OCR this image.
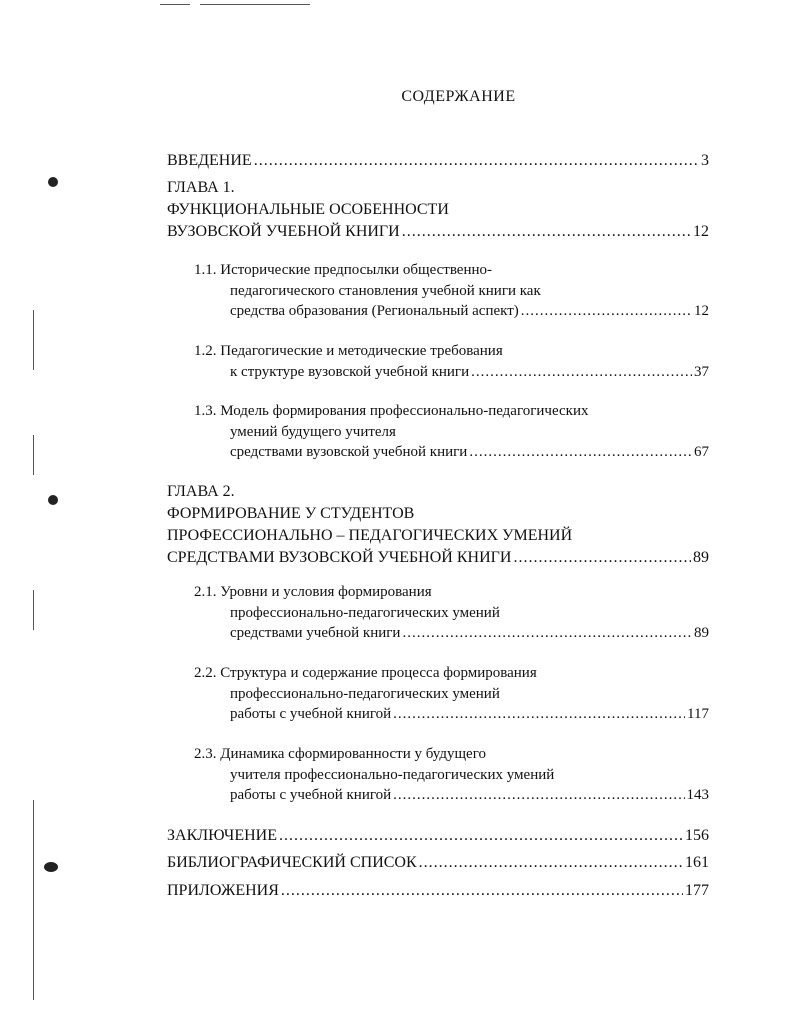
СОДЕРЖАНИЕ
ВВЕДЕНИЕ .....	3
ГЛАВА 1.
ФУНКЦИОНАЛЬНЫЕ ОСОБЕННОСТИ
ВУЗОВСКОЙ УЧЕБНОЙ КНИГИ .....	12
1.1. Исторические предпосылки общественно-
педагогического становления учебной книги как
средства образования (Региональный аспект) .....	12
1.2. Педагогические и методические требования
к структуре вузовской учебной книги .....	37
1.3. Модель формирования профессионально-педагогических
умений будущего учителя
средствами вузовской учебной книги .....	67
ГЛАВА 2.
ФОРМИРОВАНИЕ У СТУДЕНТОВ
ПРОФЕССИОНАЛЬНО – ПЕДАГОГИЧЕСКИХ УМЕНИЙ
СРЕДСТВАМИ ВУЗОВСКОЙ УЧЕБНОЙ КНИГИ .....	89
2.1. Уровни и условия формирования
профессионально-педагогических умений
средствами учебной книги .....	89
2.2. Структура и содержание процесса формирования
профессионально-педагогических умений
работы с учебной книгой .....	117
2.3. Динамика сформированности у будущего
учителя профессионально-педагогических умений
работы с учебной книгой .....	143
ЗАКЛЮЧЕНИЕ .....	156
БИБЛИОГРАФИЧЕСКИЙ СПИСОК .....	161
ПРИЛОЖЕНИЯ .....	177
